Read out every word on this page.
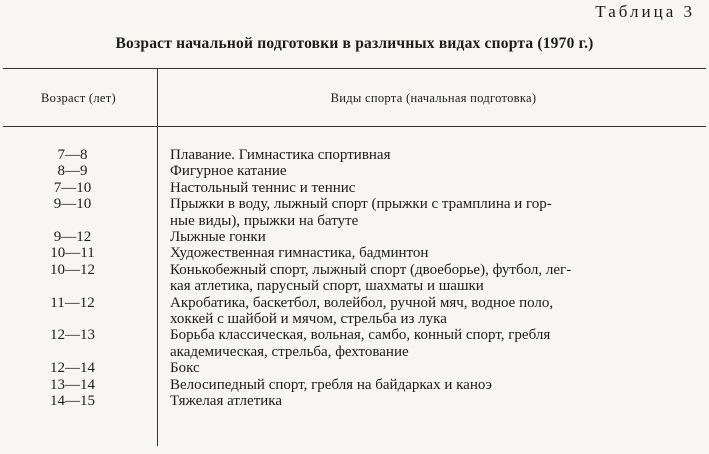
Таблица 3
Возраст начальной подготовки в различных видах спорта (1970 г.)
Возраст (лет)	Виды спорта (начальная подготовка)
7—8	Плавание. Гимнастика спортивная
8—9	Фигурное катание
7—10	Настольный теннис и теннис
9—10	Прыжки в воду, лыжный спорт (прыжки с трамплина и гор-
ные виды), прыжки на батуте
9—12	Лыжные гонки
10—11	Художественная гимнастика, бадминтон
10—12	Конькобежный спорт, лыжный спорт (двоеборье), футбол, лег-
кая атлетика, парусный спорт, шахматы и шашки
11—12	Акробатика, баскетбол, волейбол, ручной мяч, водное поло,
хоккей с шайбой и мячом, стрельба из лука
12—13	Борьба классическая, вольная, самбо, конный спорт, гребля
академическая, стрельба, фехтование
12—14	Бокс
13—14	Велосипедный спорт, гребля на байдарках и каноэ
14—15	Тяжелая атлетика
